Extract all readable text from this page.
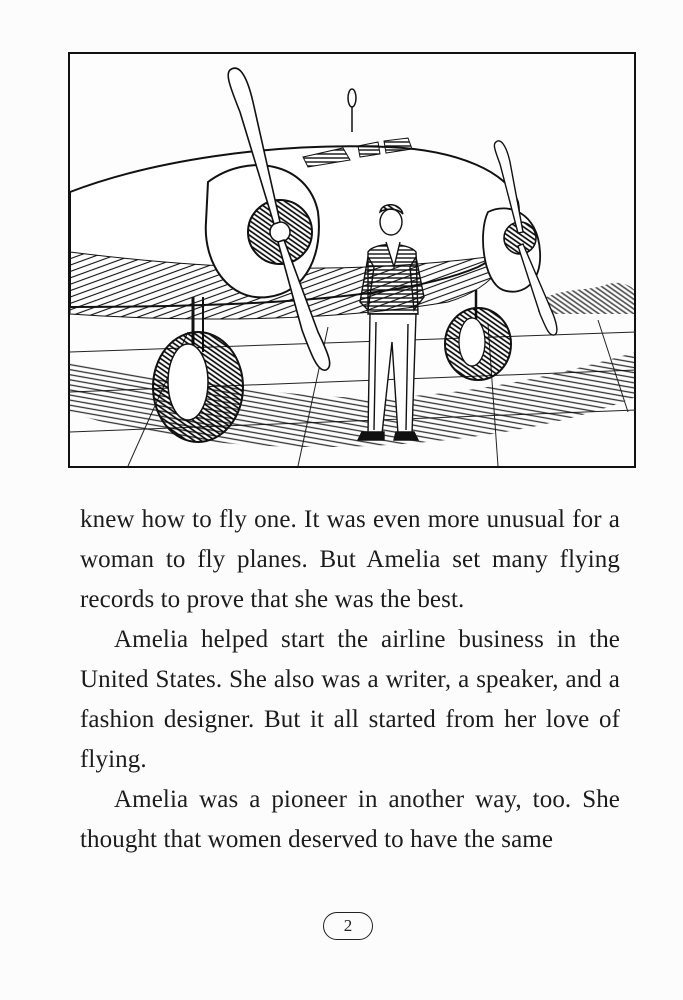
knew how to fly one. It was even more unusual for a woman to fly planes. But Amelia set many flying records to prove that she was the best.

Amelia helped start the airline business in the United States. She also was a writer, a speaker, and a fashion designer. But it all started from her love of flying.

Amelia was a pioneer in another way, too. She thought that women deserved to have the same

2
